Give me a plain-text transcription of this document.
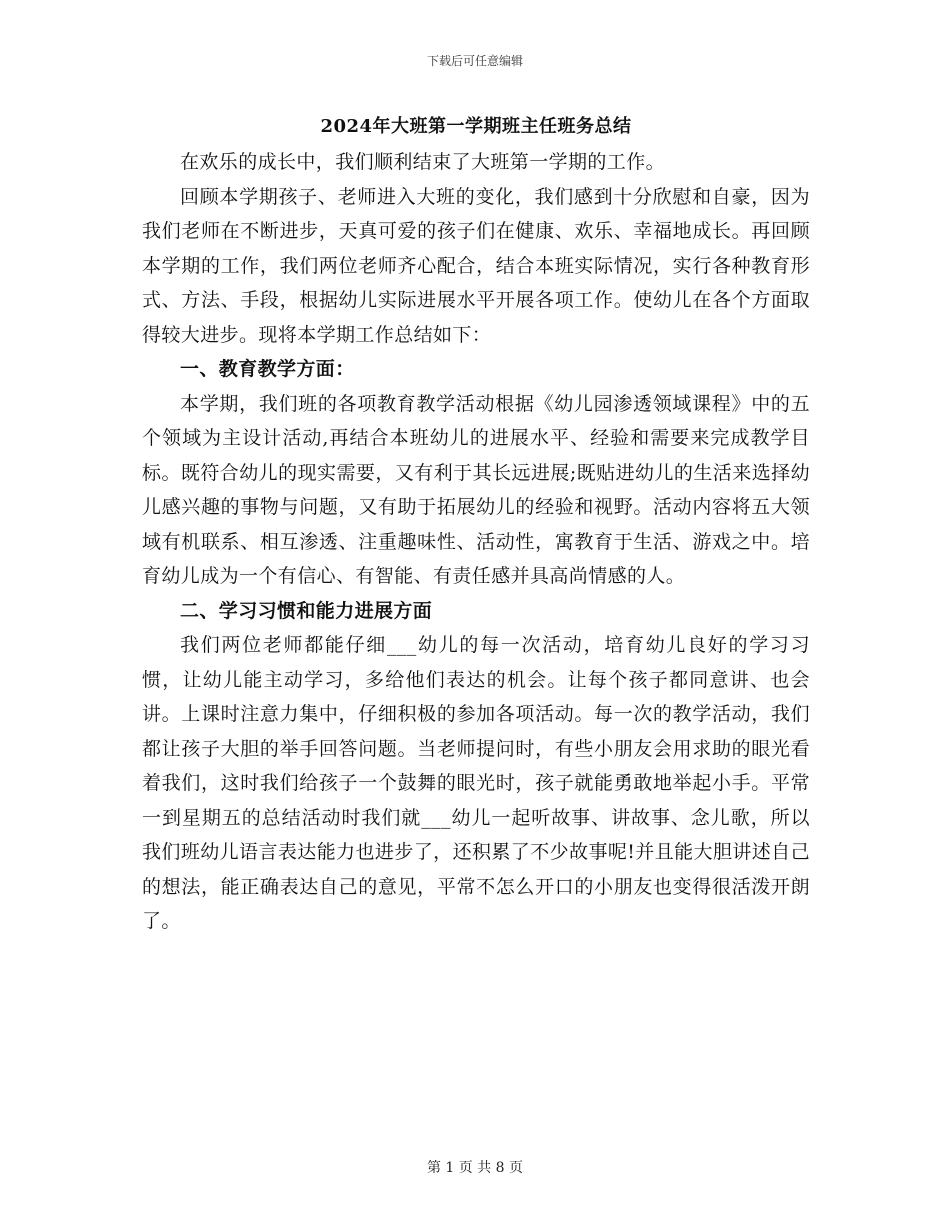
下载后可任意编辑
2024年大班第一学期班主任班务总结

在欢乐的成长中，我们顺利结束了大班第一学期的工作。

回顾本学期孩子、老师进入大班的变化，我们感到十分欣慰和自豪，因为我们老师在不断进步，天真可爱的孩子们在健康、欢乐、幸福地成长。再回顾本学期的工作，我们两位老师齐心配合，结合本班实际情况，实行各种教育形式、方法、手段，根据幼儿实际进展水平开展各项工作。使幼儿在各个方面取得较大进步。现将本学期工作总结如下：

一、教育教学方面：

本学期，我们班的各项教育教学活动根据《幼儿园渗透领域课程》中的五个领域为主设计活动,再结合本班幼儿的进展水平、经验和需要来完成教学目标。既符合幼儿的现实需要，又有利于其长远进展;既贴进幼儿的生活来选择幼儿感兴趣的事物与问题，又有助于拓展幼儿的经验和视野。活动内容将五大领域有机联系、相互渗透、注重趣味性、活动性，寓教育于生活、游戏之中。培育幼儿成为一个有信心、有智能、有责任感并具高尚情感的人。

二、学习习惯和能力进展方面

我们两位老师都能仔细___幼儿的每一次活动，培育幼儿良好的学习习惯，让幼儿能主动学习，多给他们表达的机会。让每个孩子都同意讲、也会讲。上课时注意力集中，仔细积极的参加各项活动。每一次的教学活动，我们都让孩子大胆的举手回答问题。当老师提问时，有些小朋友会用求助的眼光看着我们，这时我们给孩子一个鼓舞的眼光时，孩子就能勇敢地举起小手。平常一到星期五的总结活动时我们就___幼儿一起听故事、讲故事、念儿歌，所以我们班幼儿语言表达能力也进步了，还积累了不少故事呢!并且能大胆讲述自己的想法，能正确表达自己的意见，平常不怎么开口的小朋友也变得很活泼开朗了。

第 1 页 共 8 页
